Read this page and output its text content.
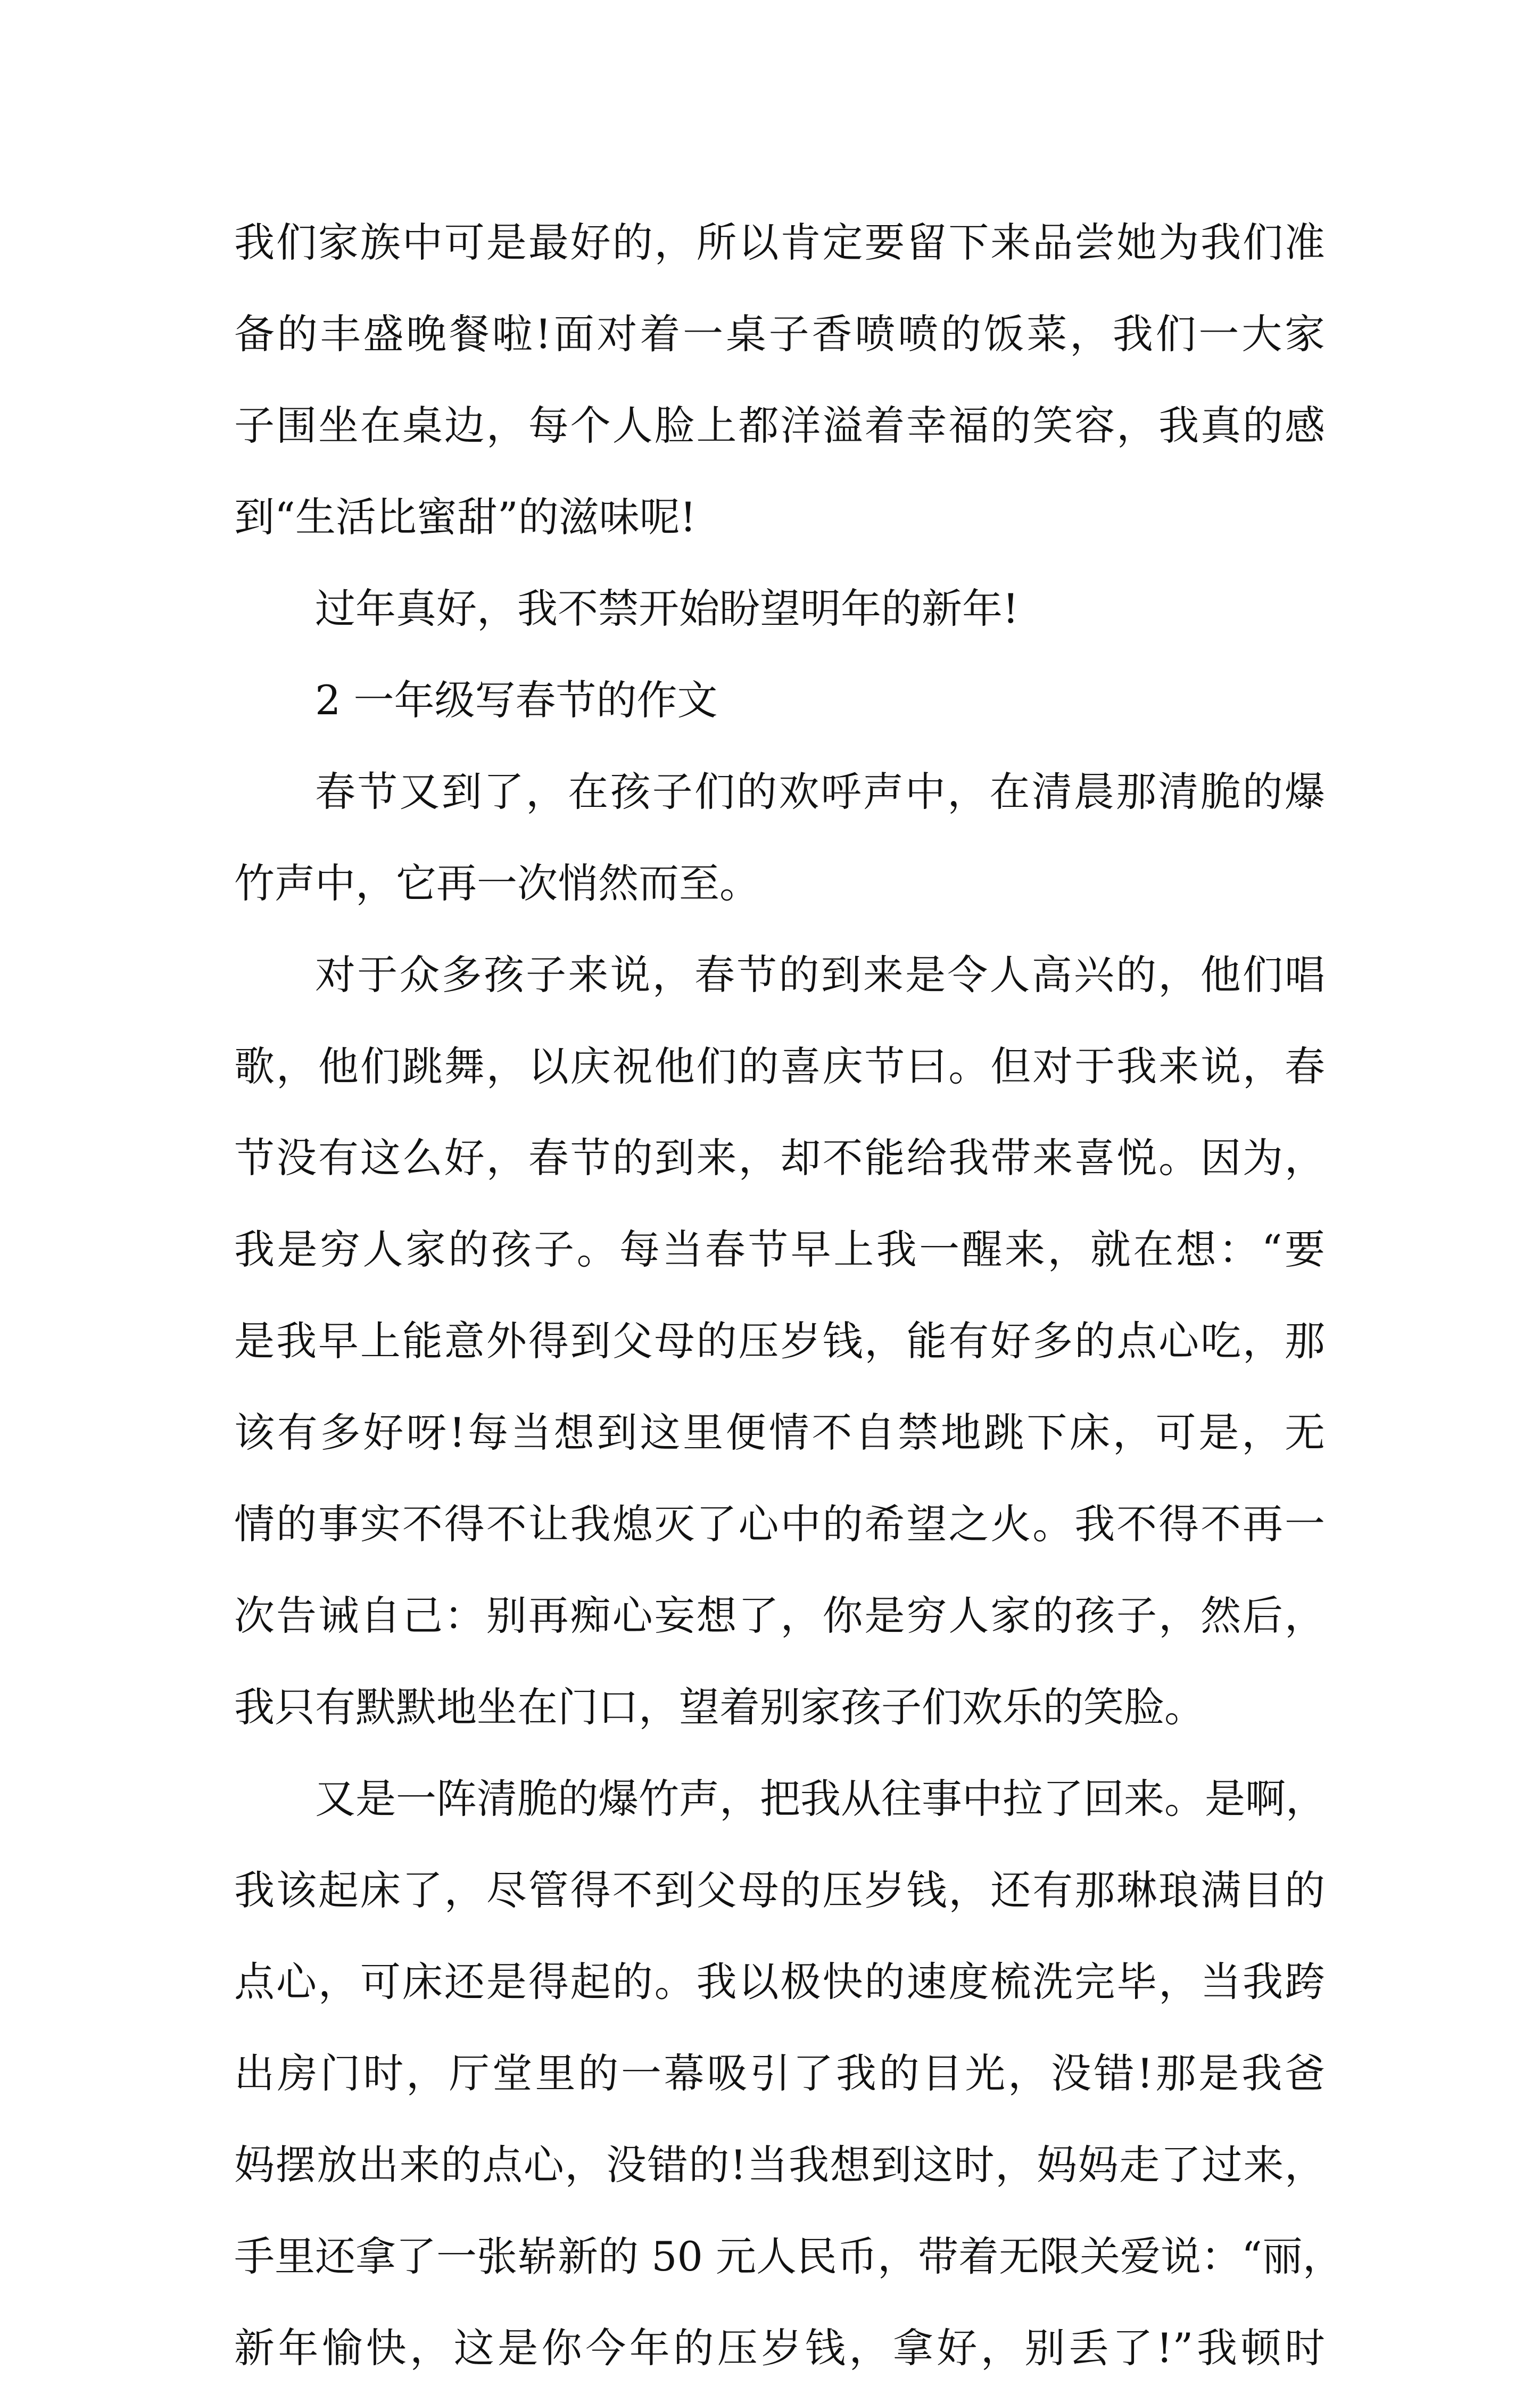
我们家族中可是最好的，所以肯定要留下来品尝她为我们准
备的丰盛晚餐啦!面对着一桌子香喷喷的饭菜，我们一大家
子围坐在桌边，每个人脸上都洋溢着幸福的笑容，我真的感
到“生活比蜜甜”的滋味呢!
过年真好，我不禁开始盼望明年的新年!
2 一年级写春节的作文
春节又到了，在孩子们的欢呼声中，在清晨那清脆的爆
竹声中，它再一次悄然而至。
对于众多孩子来说，春节的到来是令人高兴的，他们唱
歌，他们跳舞，以庆祝他们的喜庆节曰。但对于我来说，春
节没有这么好，春节的到来，却不能给我带来喜悦。因为，
我是穷人家的孩子。每当春节早上我一醒来，就在想：“要
是我早上能意外得到父母的压岁钱，能有好多的点心吃，那
该有多好呀!每当想到这里便情不自禁地跳下床，可是，无
情的事实不得不让我熄灭了心中的希望之火。我不得不再一
次告诫自己：别再痴心妄想了，你是穷人家的孩子，然后，
我只有默默地坐在门口，望着别家孩子们欢乐的笑脸。
又是一阵清脆的爆竹声，把我从往事中拉了回来。是啊，
我该起床了，尽管得不到父母的压岁钱，还有那琳琅满目的
点心，可床还是得起的。我以极快的速度梳洗完毕，当我跨
出房门时，厅堂里的一幕吸引了我的目光，没错!那是我爸
妈摆放出来的点心，没错的!当我想到这时，妈妈走了过来，
手里还拿了一张崭新的 50 元人民币，带着无限关爱说：“丽，
新年愉快，这是你今年的压岁钱，拿好，别丢了!”我顿时
